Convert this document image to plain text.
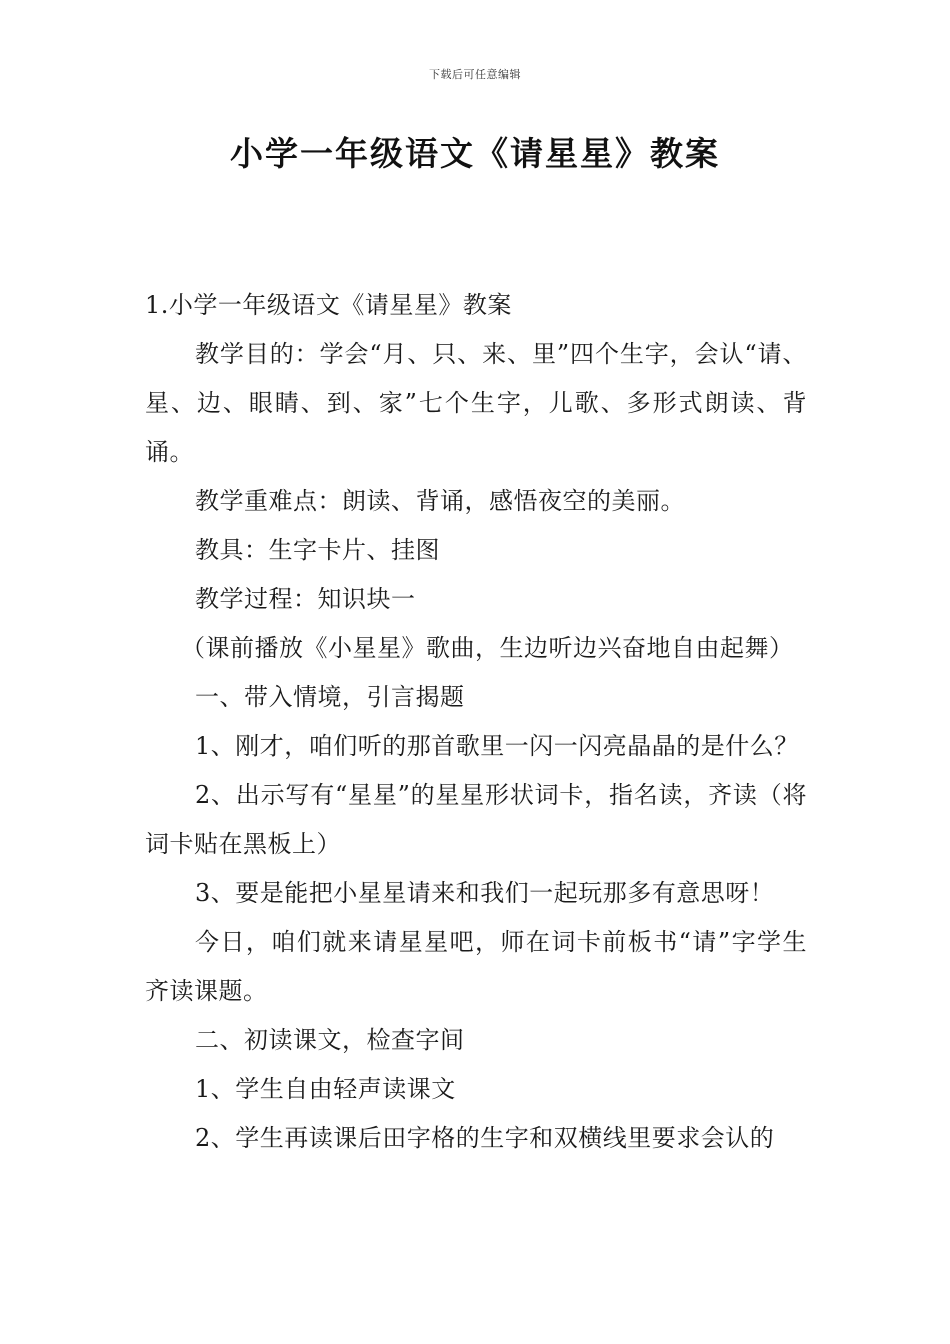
下载后可任意编辑
小学一年级语文《请星星》教案

1.小学一年级语文《请星星》教案

教学目的：学会“月、只、来、里”四个生字，会认“请、星、边、眼睛、到、家”七个生字，儿歌、多形式朗读、背诵。

教学重难点：朗读、背诵，感悟夜空的美丽。

教具：生字卡片、挂图

教学过程：知识块一

（课前播放《小星星》歌曲，生边听边兴奋地自由起舞）

一、带入情境，引言揭题

1、刚才，咱们听的那首歌里一闪一闪亮晶晶的是什么？

2、出示写有“星星”的星星形状词卡，指名读，齐读（将词卡贴在黑板上）

3、要是能把小星星请来和我们一起玩那多有意思呀！

今日，咱们就来请星星吧，师在词卡前板书“请”字学生齐读课题。

二、初读课文，检查字间

1、学生自由轻声读课文

2、学生再读课后田字格的生字和双横线里要求会认的
